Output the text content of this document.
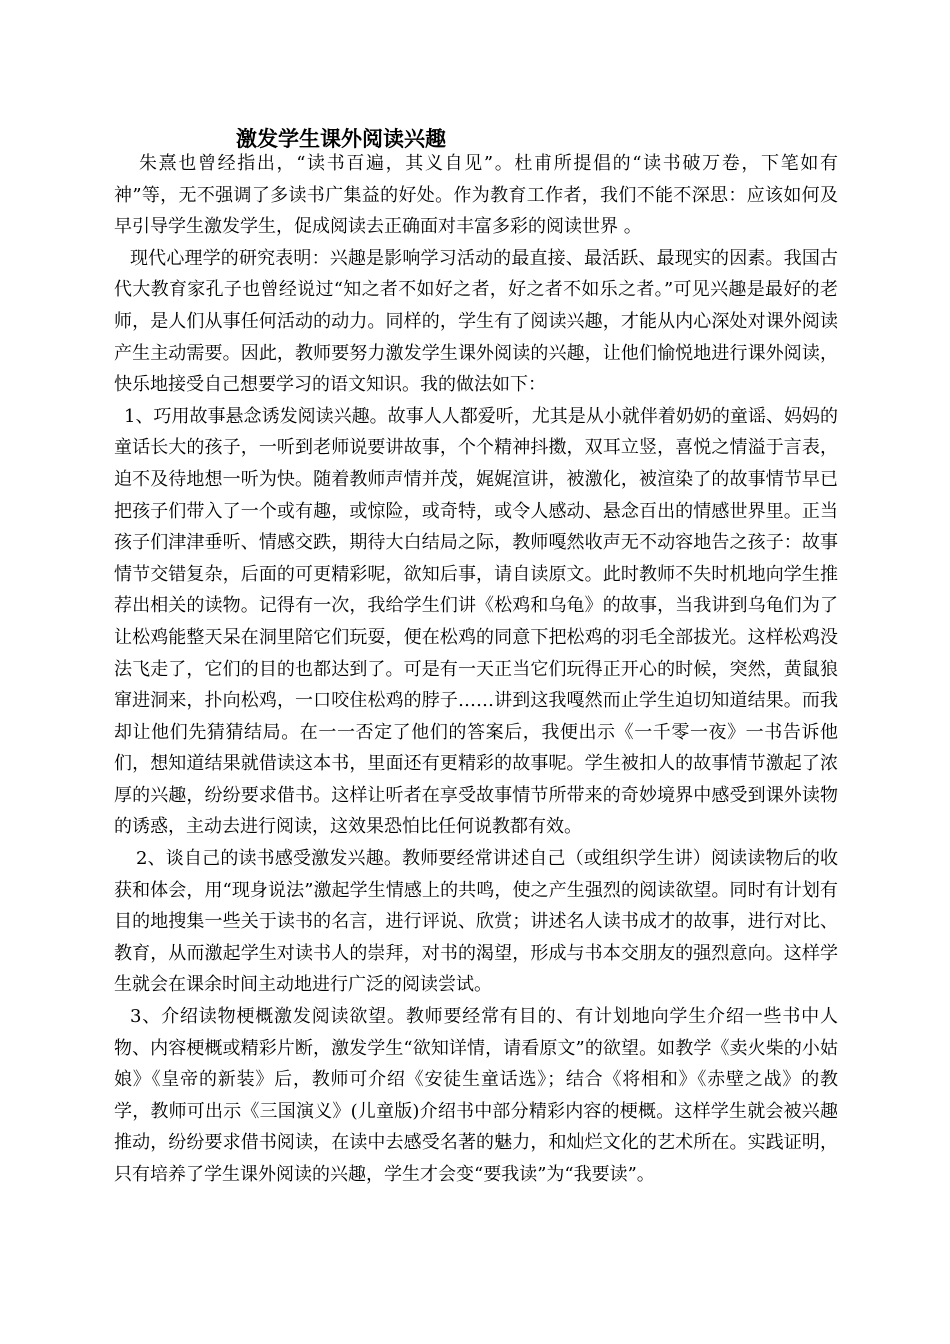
激发学生课外阅读兴趣

朱熹也曾经指出，“读书百遍，其义自见”。杜甫所提倡的“读书破万卷，下笔如有神”等，无不强调了多读书广集益的好处。作为教育工作者，我们不能不深思：应该如何及早引导学生激发学生，促成阅读去正确面对丰富多彩的阅读世界 。

现代心理学的研究表明：兴趣是影响学习活动的最直接、最活跃、最现实的因素。我国古代大教育家孔子也曾经说过“知之者不如好之者，好之者不如乐之者。”可见兴趣是最好的老师，是人们从事任何活动的动力。同样的，学生有了阅读兴趣，才能从内心深处对课外阅读产生主动需要。因此，教师要努力激发学生课外阅读的兴趣，让他们愉悦地进行课外阅读，快乐地接受自己想要学习的语文知识。我的做法如下：

1、巧用故事悬念诱发阅读兴趣。故事人人都爱听，尤其是从小就伴着奶奶的童谣、妈妈的童话长大的孩子，一听到老师说要讲故事，个个精神抖擞，双耳立竖，喜悦之情溢于言表，迫不及待地想一听为快。随着教师声情并茂，娓娓渲讲，被激化，被渲染了的故事情节早已把孩子们带入了一个或有趣，或惊险，或奇特，或令人感动、悬念百出的情感世界里。正当孩子们津津垂听、情感交跌，期待大白结局之际，教师嘎然收声无不动容地告之孩子：故事情节交错复杂，后面的可更精彩呢，欲知后事，请自读原文。此时教师不失时机地向学生推荐出相关的读物。记得有一次，我给学生们讲《松鸡和乌龟》的故事，当我讲到乌龟们为了让松鸡能整天呆在洞里陪它们玩耍，便在松鸡的同意下把松鸡的羽毛全部拔光。这样松鸡没法飞走了，它们的目的也都达到了。可是有一天正当它们玩得正开心的时候，突然，黄鼠狼窜进洞来，扑向松鸡，一口咬住松鸡的脖子……讲到这我嘎然而止学生迫切知道结果。而我却让他们先猜猜结局。在一一否定了他们的答案后，我便出示《一千零一夜》一书告诉他们，想知道结果就借读这本书，里面还有更精彩的故事呢。学生被扣人的故事情节激起了浓厚的兴趣，纷纷要求借书。这样让听者在享受故事情节所带来的奇妙境界中感受到课外读物的诱惑，主动去进行阅读，这效果恐怕比任何说教都有效。

2、谈自己的读书感受激发兴趣。教师要经常讲述自己（或组织学生讲）阅读读物后的收获和体会，用“现身说法”激起学生情感上的共鸣，使之产生强烈的阅读欲望。同时有计划有目的地搜集一些关于读书的名言，进行评说、欣赏；讲述名人读书成才的故事，进行对比、教育，从而激起学生对读书人的崇拜，对书的渴望，形成与书本交朋友的强烈意向。这样学生就会在课余时间主动地进行广泛的阅读尝试。

3、介绍读物梗概激发阅读欲望。教师要经常有目的、有计划地向学生介绍一些书中人物、内容梗概或精彩片断，激发学生“欲知详情，请看原文”的欲望。如教学《卖火柴的小姑娘》《皇帝的新装》后，教师可介绍《安徒生童话选》；结合《将相和》《赤壁之战》的教学，教师可出示《三国演义》(儿童版)介绍书中部分精彩内容的梗概。这样学生就会被兴趣推动，纷纷要求借书阅读，在读中去感受名著的魅力，和灿烂文化的艺术所在。实践证明，只有培养了学生课外阅读的兴趣，学生才会变“要我读”为“我要读”。
